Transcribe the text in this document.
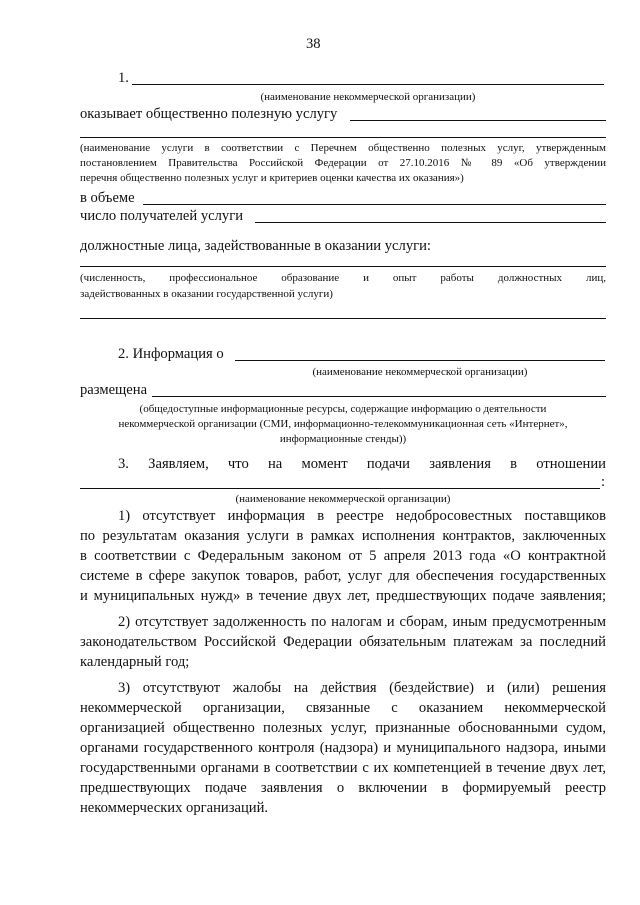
38
1.
(наименование некоммерческой организации)
оказывает общественно полезную услугу
(наименование услуги в соответствии с Перечнем общественно полезных услуг, утвержденным
постановлением Правительства Российской Федерации от 27.10.2016 № 89 «Об утверждении
перечня общественно полезных услуг и критериев оценки качества их оказания»)
в объеме
число получателей услуги
должностные лица, задействованные в оказании услуги:
(численность, профессиональное образование и опыт работы должностных лиц,
задействованных в оказании государственной услуги)
2. Информация о
(наименование некоммерческой организации)
размещена
(общедоступные информационные ресурсы, содержащие информацию о деятельности
некоммерческой организации (СМИ, информационно-телекоммуникационная сеть «Интернет»,
информационные стенды))
3. Заявляем, что на момент подачи заявления в отношении
:
(наименование некоммерческой организации)
1) отсутствует информация в реестре недобросовестных поставщиков
по результатам оказания услуги в рамках исполнения контрактов, заключенных
в соответствии с Федеральным законом от 5 апреля 2013 года «О контрактной
системе в сфере закупок товаров, работ, услуг для обеспечения государственных
и муниципальных нужд» в течение двух лет, предшествующих подаче заявления;
2) отсутствует задолженность по налогам и сборам, иным предусмотренным
законодательством Российской Федерации обязательным платежам за последний
календарный год;
3) отсутствуют жалобы на действия (бездействие) и (или) решения
некоммерческой организации, связанные с оказанием некоммерческой
организацией общественно полезных услуг, признанные обоснованными судом,
органами государственного контроля (надзора) и муниципального надзора, иными
государственными органами в соответствии с их компетенцией в течение двух лет,
предшествующих подаче заявления о включении в формируемый реестр
некоммерческих организаций.
